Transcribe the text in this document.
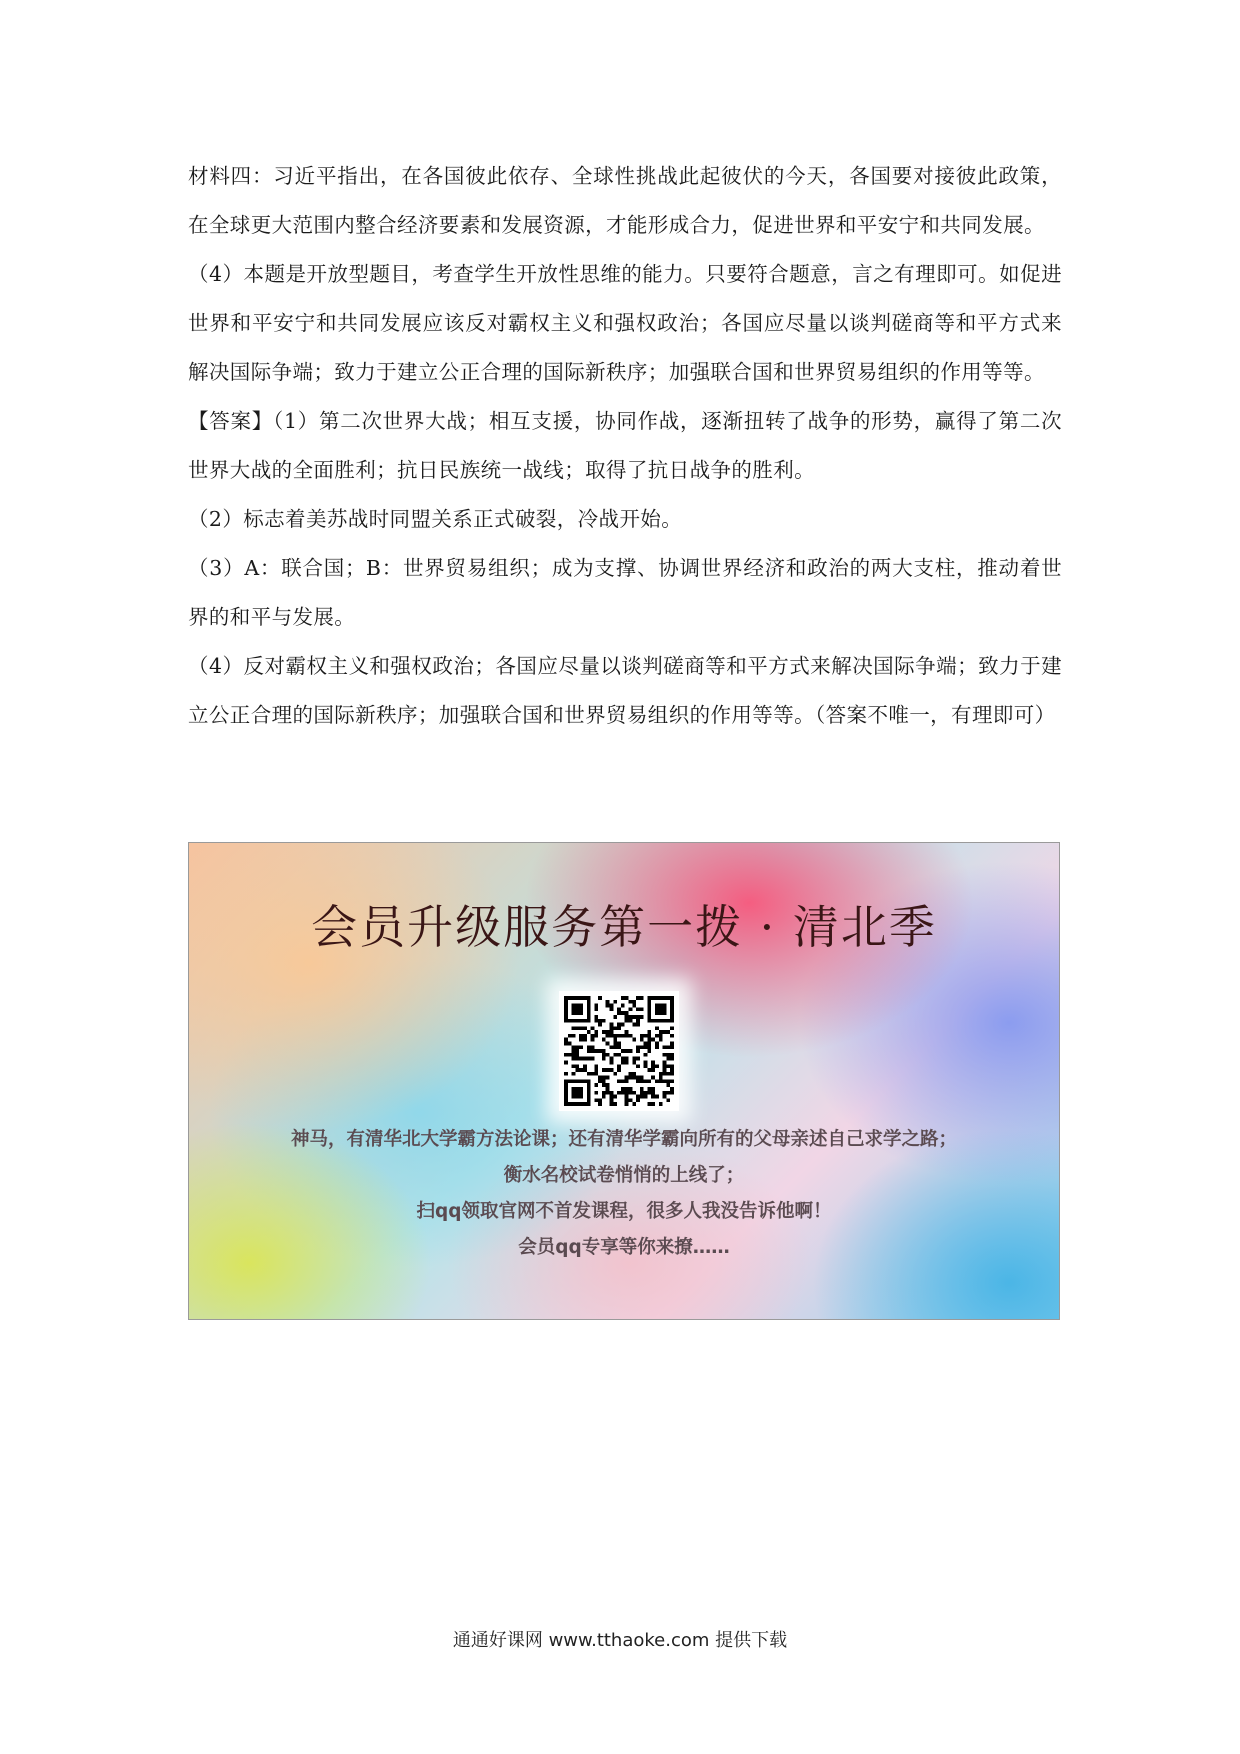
材料四：习近平指出，在各国彼此依存、全球性挑战此起彼伏的今天，各国要对接彼此政策，在全球更大范围内整合经济要素和发展资源，才能形成合力，促进世界和平安宁和共同发展。

（4）本题是开放型题目，考查学生开放性思维的能力。只要符合题意，言之有理即可。如促进世界和平安宁和共同发展应该反对霸权主义和强权政治；各国应尽量以谈判磋商等和平方式来解决国际争端；致力于建立公正合理的国际新秩序；加强联合国和世界贸易组织的作用等等。

【答案】（1）第二次世界大战；相互支援，协同作战，逐渐扭转了战争的形势，赢得了第二次世界大战的全面胜利；抗日民族统一战线；取得了抗日战争的胜利。

（2）标志着美苏战时同盟关系正式破裂，冷战开始。

（3）A：联合国；B：世界贸易组织；成为支撑、协调世界经济和政治的两大支柱，推动着世界的和平与发展。

（4）反对霸权主义和强权政治；各国应尽量以谈判磋商等和平方式来解决国际争端；致力于建立公正合理的国际新秩序；加强联合国和世界贸易组织的作用等等。（答案不唯一，有理即可）

会员升级服务第一拨 · 清北季
神马，有清华北大学霸方法论课；还有清华学霸向所有的父母亲述自己求学之路；
衡水名校试卷悄悄的上线了；
扫qq领取官网不首发课程，很多人我没告诉他啊！
会员qq专享等你来撩……
通通好课网 www.tthaoke.com 提供下载
